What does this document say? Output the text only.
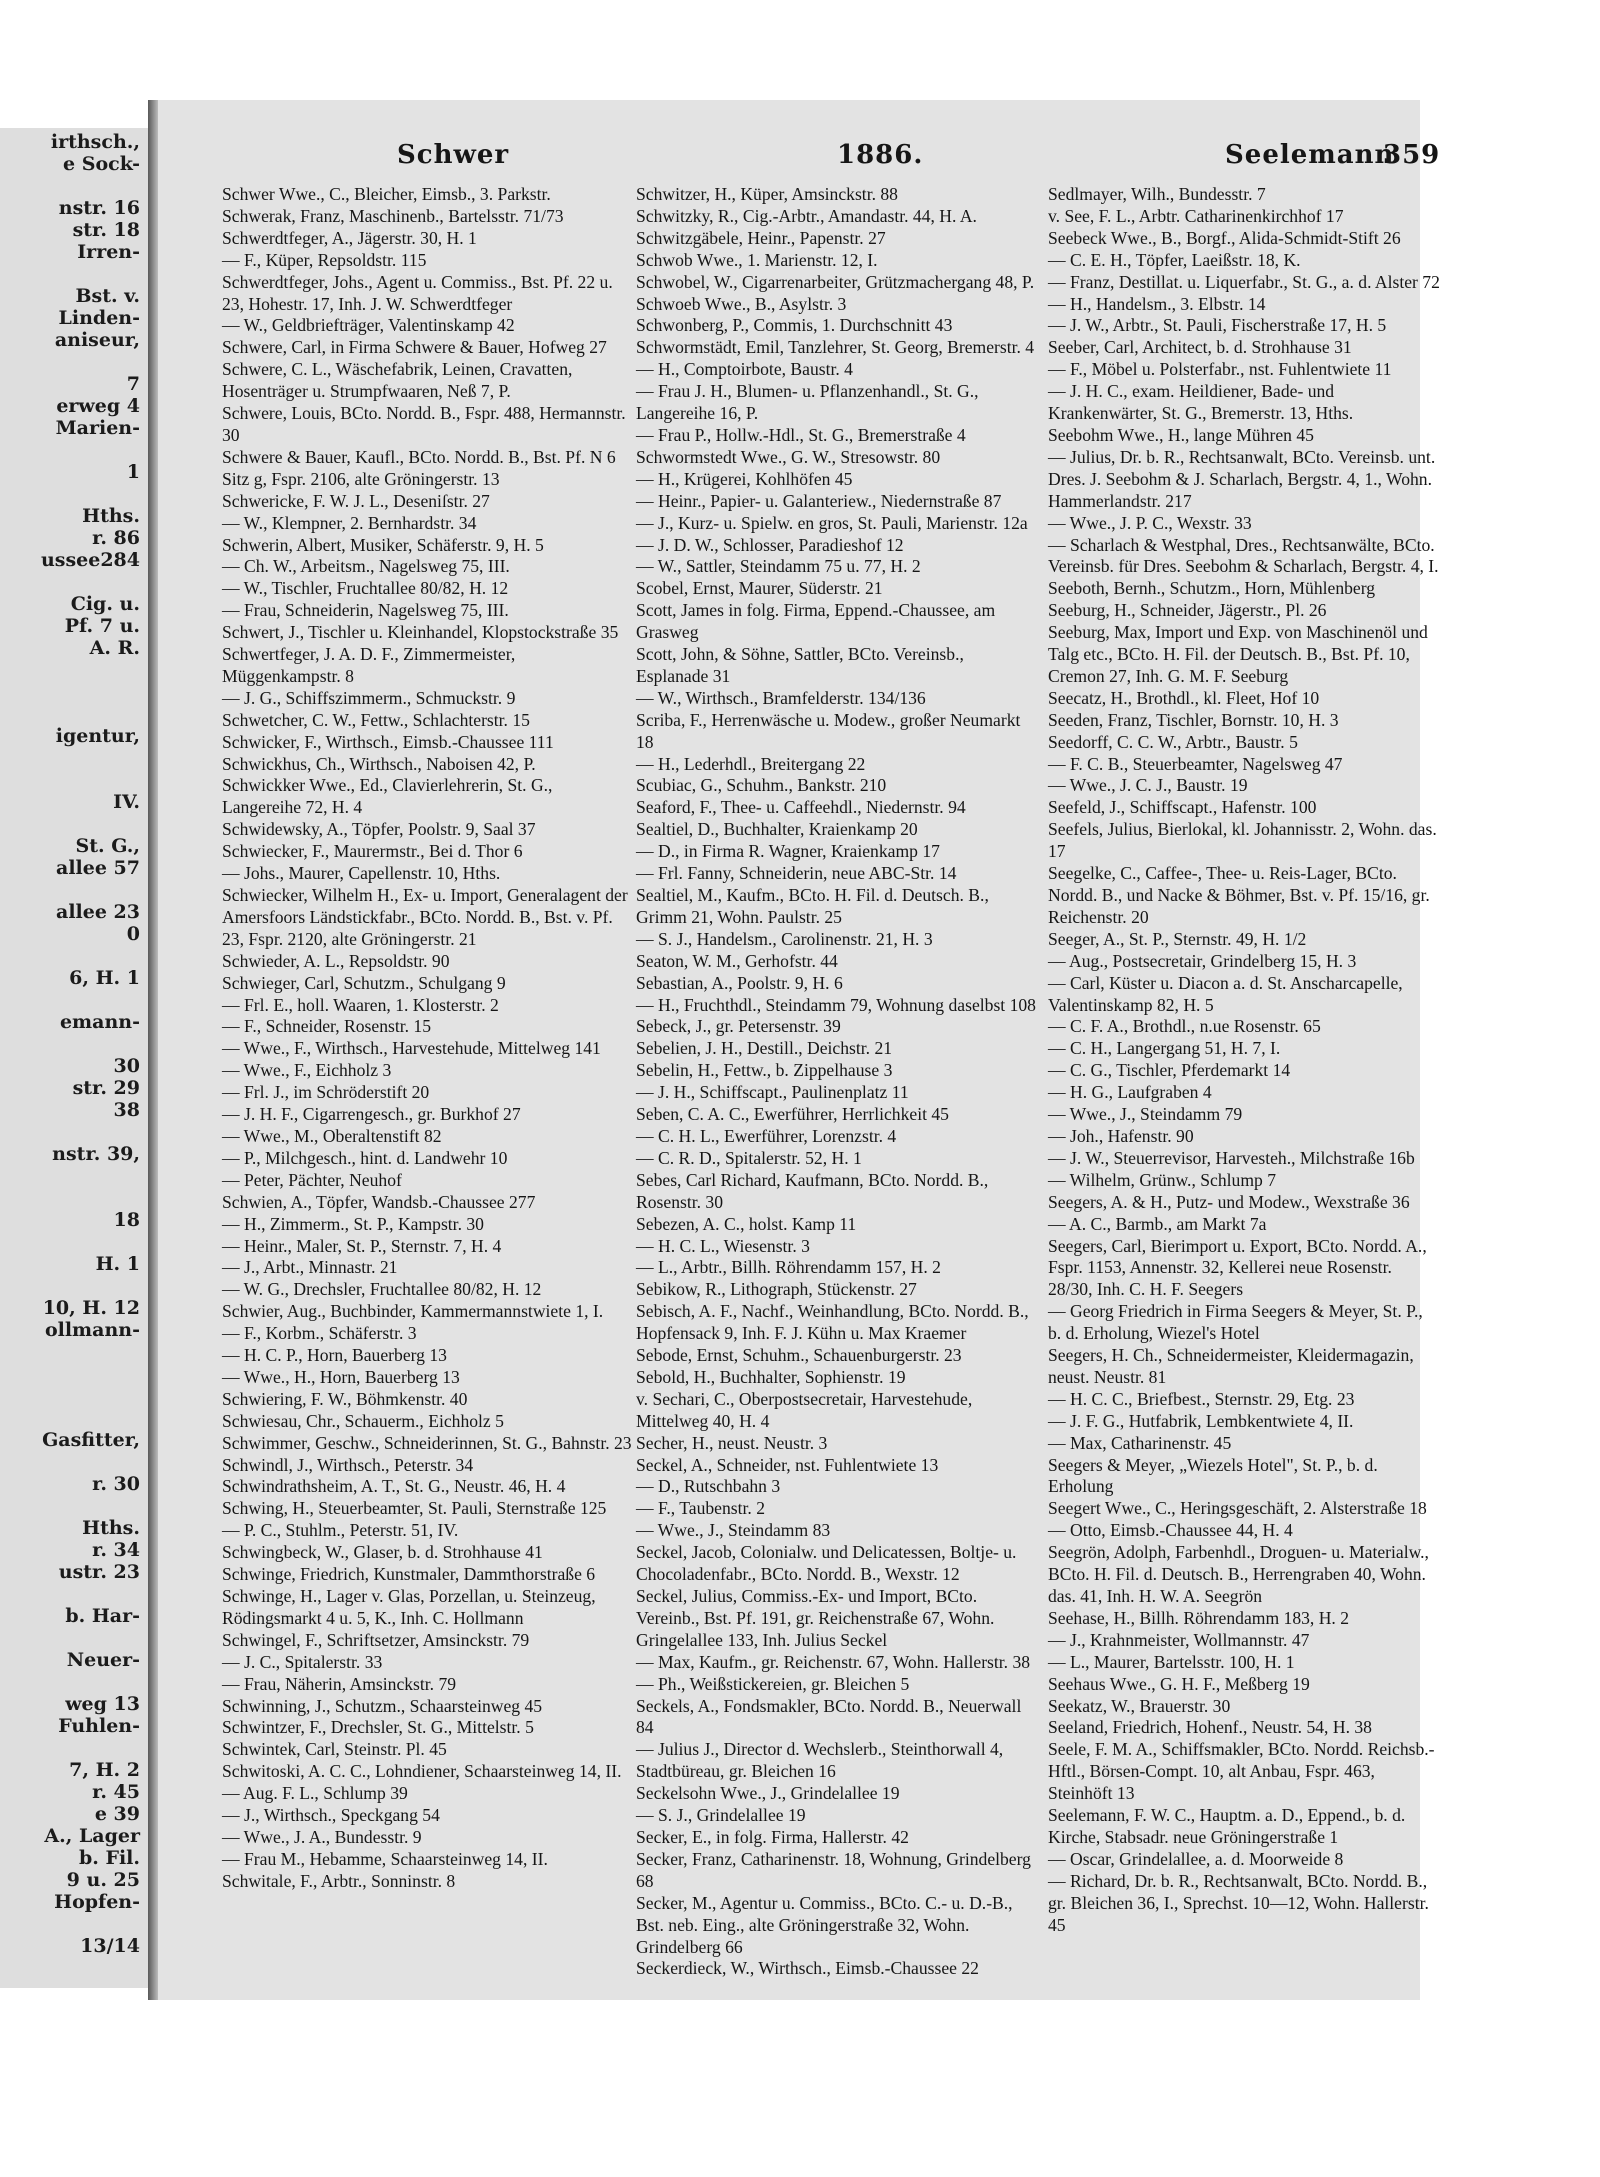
irthsch.,
e Sock-
nstr. 16
str. 18
Irren-
Bst. v.
Linden-
aniseur,
7
erweg 4
Marien-
1
Hths.
r. 86
ussee284
Cig. u.
Pf. 7 u.
A. R.
igentur,
IV.
St. G.,
allee 57
allee 23
0
6, H. 1
emann-
30
str. 29
38
nstr. 39,
18
H. 1
10, H. 12
ollmann-
Gasfitter,
r. 30
Hths.
r. 34
ustr. 23
b. Har-
Neuer-
weg 13
Fuhlen-
7, H. 2
r. 45
e 39
A., Lager
b. Fil.
9 u. 25
Hopfen-
13/14
Schwer	1886.	Seelemann
359
Schwer Wwe., C., Bleicher, Eimsb., 3. Parkstr.
Schwerak, Franz, Maschinenb., Bartelsstr. 71/73
Schwerdtfeger, A., Jägerstr. 30, H. 1
— F., Küper, Repsoldstr. 115
Schwerdtfeger, Johs., Agent u. Commiss., Bst. Pf. 22 u. 23, Hohestr. 17, Inh. J. W. Schwerdtfeger
— W., Geldbriefträger, Valentinskamp 42
Schwere, Carl, in Firma Schwere & Bauer, Hofweg 27
Schwere, C. L., Wäschefabrik, Leinen, Cravatten, Hosenträger u. Strumpfwaaren, Neß 7, P.
Schwere, Louis, BCto. Nordd. B., Fspr. 488, Hermannstr. 30
Schwere & Bauer, Kaufl., BCto. Nordd. B., Bst. Pf. N 6 Sitz g, Fspr. 2106, alte Gröningerstr. 13
Schwericke, F. W. J. L., Deseniſstr. 27
— W., Klempner, 2. Bernhardstr. 34
Schwerin, Albert, Musiker, Schäferstr. 9, H. 5
— Ch. W., Arbeitsm., Nagelsweg 75, III.
— W., Tischler, Fruchtallee 80/82, H. 12
— Frau, Schneiderin, Nagelsweg 75, III.
Schwert, J., Tischler u. Kleinhandel, Klopstockstraße 35
Schwertfeger, J. A. D. F., Zimmermeister, Müggenkampstr. 8
— J. G., Schiffszimmerm., Schmuckstr. 9
Schwetcher, C. W., Fettw., Schlachterstr. 15
Schwicker, F., Wirthsch., Eimsb.-Chaussee 111
Schwickhus, Ch., Wirthsch., Naboisen 42, P.
Schwickker Wwe., Ed., Clavierlehrerin, St. G., Langereihe 72, H. 4
Schwidewsky, A., Töpfer, Poolstr. 9, Saal 37
Schwiecker, F., Maurermstr., Bei d. Thor 6
— Johs., Maurer, Capellenstr. 10, Hths.
Schwiecker, Wilhelm H., Ex- u. Import, Generalagent der Amersfoors Ländstickfabr., BCto. Nordd. B., Bst. v. Pf. 23, Fspr. 2120, alte Gröningerstr. 21
Schwieder, A. L., Repsoldstr. 90
Schwieger, Carl, Schutzm., Schulgang 9
— Frl. E., holl. Waaren, 1. Klosterstr. 2
— F., Schneider, Rosenstr. 15
— Wwe., F., Wirthsch., Harvestehude, Mittelweg 141
— Wwe., F., Eichholz 3
— Frl. J., im Schröderstift 20
— J. H. F., Cigarrengesch., gr. Burkhof 27
— Wwe., M., Oberaltenstift 82
— P., Milchgesch., hint. d. Landwehr 10
— Peter, Pächter, Neuhof
Schwien, A., Töpfer, Wandsb.-Chaussee 277
— H., Zimmerm., St. P., Kampstr. 30
— Heinr., Maler, St. P., Sternstr. 7, H. 4
— J., Arbt., Minnastr. 21
— W. G., Drechsler, Fruchtallee 80/82, H. 12
Schwier, Aug., Buchbinder, Kammermannstwiete 1, I.
— F., Korbm., Schäferstr. 3
— H. C. P., Horn, Bauerberg 13
— Wwe., H., Horn, Bauerberg 13
Schwiering, F. W., Böhmkenstr. 40
Schwiesau, Chr., Schauerm., Eichholz 5
Schwimmer, Geschw., Schneiderinnen, St. G., Bahnstr. 23
Schwindl, J., Wirthsch., Peterstr. 34
Schwindrathsheim, A. T., St. G., Neustr. 46, H. 4
Schwing, H., Steuerbeamter, St. Pauli, Sternstraße 125
— P. C., Stuhlm., Peterstr. 51, IV.
Schwingbeck, W., Glaser, b. d. Strohhause 41
Schwinge, Friedrich, Kunstmaler, Dammthorstraße 6
Schwinge, H., Lager v. Glas, Porzellan, u. Steinzeug, Rödingsmarkt 4 u. 5, K., Inh. C. Hollmann
Schwingel, F., Schriftsetzer, Amsinckstr. 79
— J. C., Spitalerstr. 33
— Frau, Näherin, Amsinckstr. 79
Schwinning, J., Schutzm., Schaarsteinweg 45
Schwintzer, F., Drechsler, St. G., Mittelstr. 5
Schwintek, Carl, Steinstr. Pl. 45
Schwitoski, A. C. C., Lohndiener, Schaarsteinweg 14, II.
— Aug. F. L., Schlump 39
— J., Wirthsch., Speckgang 54
— Wwe., J. A., Bundesstr. 9
— Frau M., Hebamme, Schaarsteinweg 14, II.
Schwitale, F., Arbtr., Sonninstr. 8
Schwitzer, H., Küper, Amsinckstr. 88
Schwitzky, R., Cig.-Arbtr., Amandastr. 44, H. A.
Schwitzgäbele, Heinr., Papenstr. 27
Schwob Wwe., 1. Marienstr. 12, I.
Schwobel, W., Cigarrenarbeiter, Grützmachergang 48, P.
Schwoeb Wwe., B., Asylstr. 3
Schwonberg, P., Commis, 1. Durchschnitt 43
Schwormstädt, Emil, Tanzlehrer, St. Georg, Bremerstr. 4
— H., Comptoirbote, Baustr. 4
— Frau J. H., Blumen- u. Pflanzenhandl., St. G., Langereihe 16, P.
— Frau P., Hollw.-Hdl., St. G., Bremerstraße 4
Schwormstedt Wwe., G. W., Stresowstr. 80
— H., Krügerei, Kohlhöfen 45
— Heinr., Papier- u. Galanteriew., Niedernstraße 87
— J., Kurz- u. Spielw. en gros, St. Pauli, Marienstr. 12a
— J. D. W., Schlosser, Paradieshof 12
— W., Sattler, Steindamm 75 u. 77, H. 2
Scobel, Ernst, Maurer, Süderstr. 21
Scott, James in folg. Firma, Eppend.-Chaussee, am Grasweg
Scott, John, & Söhne, Sattler, BCto. Vereinsb., Esplanade 31
— W., Wirthsch., Bramfelderstr. 134/136
Scriba, F., Herrenwäsche u. Modew., großer Neumarkt 18
— H., Lederhdl., Breitergang 22
Scubiac, G., Schuhm., Bankstr. 210
Seaford, F., Thee- u. Caffeehdl., Niedernstr. 94
Sealtiel, D., Buchhalter, Kraienkamp 20
— D., in Firma R. Wagner, Kraienkamp 17
— Frl. Fanny, Schneiderin, neue ABC-Str. 14
Sealtiel, M., Kaufm., BCto. H. Fil. d. Deutsch. B., Grimm 21, Wohn. Paulstr. 25
— S. J., Handelsm., Carolinenstr. 21, H. 3
Seaton, W. M., Gerhofstr. 44
Sebastian, A., Poolstr. 9, H. 6
— H., Fruchthdl., Steindamm 79, Wohnung daselbst 108
Sebeck, J., gr. Petersenstr. 39
Sebelien, J. H., Destill., Deichstr. 21
Sebelin, H., Fettw., b. Zippelhause 3
— J. H., Schiffscapt., Paulinenplatz 11
Seben, C. A. C., Ewerführer, Herrlichkeit 45
— C. H. L., Ewerführer, Lorenzstr. 4
— C. R. D., Spitalerstr. 52, H. 1
Sebes, Carl Richard, Kaufmann, BCto. Nordd. B., Rosenstr. 30
Sebezen, A. C., holst. Kamp 11
— H. C. L., Wiesenstr. 3
— L., Arbtr., Billh. Röhrendamm 157, H. 2
Sebikow, R., Lithograph, Stückenstr. 27
Sebisch, A. F., Nachf., Weinhandlung, BCto. Nordd. B., Hopfensack 9, Inh. F. J. Kühn u. Max Kraemer
Sebode, Ernst, Schuhm., Schauenburgerstr. 23
Sebold, H., Buchhalter, Sophienstr. 19
v. Sechari, C., Oberpostsecretair, Harvestehude, Mittelweg 40, H. 4
Secher, H., neust. Neustr. 3
Seckel, A., Schneider, nst. Fuhlentwiete 13
— D., Rutschbahn 3
— F., Taubenstr. 2
— Wwe., J., Steindamm 83
Seckel, Jacob, Colonialw. und Delicatessen, Boltje- u. Chocoladenfabr., BCto. Nordd. B., Wexstr. 12
Seckel, Julius, Commiss.-Ex- und Import, BCto. Vereinb., Bst. Pf. 191, gr. Reichenstraße 67, Wohn. Gringelallee 133, Inh. Julius Seckel
— Max, Kaufm., gr. Reichenstr. 67, Wohn. Hallerstr. 38
— Ph., Weißstickereien, gr. Bleichen 5
Seckels, A., Fondsmakler, BCto. Nordd. B., Neuerwall 84
— Julius J., Director d. Wechslerb., Steinthorwall 4, Stadtbüreau, gr. Bleichen 16
Seckelsohn Wwe., J., Grindelallee 19
— S. J., Grindelallee 19
Secker, E., in folg. Firma, Hallerstr. 42
Secker, Franz, Catharinenstr. 18, Wohnung, Grindelberg 68
Secker, M., Agentur u. Commiss., BCto. C.- u. D.-B., Bst. neb. Eing., alte Gröningerstraße 32, Wohn. Grindelberg 66
Seckerdieck, W., Wirthsch., Eimsb.-Chaussee 22
Sedlmayer, Wilh., Bundesstr. 7
v. See, F. L., Arbtr. Catharinenkirchhof 17
Seebeck Wwe., B., Borgf., Alida-Schmidt-Stift 26
— C. E. H., Töpfer, Laeißstr. 18, K.
— Franz, Destillat. u. Liquerfabr., St. G., a. d. Alster 72
— H., Handelsm., 3. Elbstr. 14
— J. W., Arbtr., St. Pauli, Fischerstraße 17, H. 5
Seeber, Carl, Architect, b. d. Strohhause 31
— F., Möbel u. Polsterfabr., nst. Fuhlentwiete 11
— J. H. C., exam. Heildiener, Bade- und Krankenwärter, St. G., Bremerstr. 13, Hths.
Seebohm Wwe., H., lange Mühren 45
— Julius, Dr. b. R., Rechtsanwalt, BCto. Vereinsb. unt. Dres. J. Seebohm & J. Scharlach, Bergstr. 4, 1., Wohn. Hammerlandstr. 217
— Wwe., J. P. C., Wexstr. 33
— Scharlach & Westphal, Dres., Rechtsanwälte, BCto. Vereinsb. für Dres. Seebohm & Scharlach, Bergstr. 4, I.
Seeboth, Bernh., Schutzm., Horn, Mühlenberg
Seeburg, H., Schneider, Jägerstr., Pl. 26
Seeburg, Max, Import und Exp. von Maschinenöl und Talg etc., BCto. H. Fil. der Deutsch. B., Bst. Pf. 10, Cremon 27, Inh. G. M. F. Seeburg
Seecatz, H., Brothdl., kl. Fleet, Hof 10
Seeden, Franz, Tischler, Bornstr. 10, H. 3
Seedorff, C. C. W., Arbtr., Baustr. 5
— F. C. B., Steuerbeamter, Nagelsweg 47
— Wwe., J. C. J., Baustr. 19
Seefeld, J., Schiffscapt., Hafenstr. 100
Seefels, Julius, Bierlokal, kl. Johannisstr. 2, Wohn. das. 17
Seegelke, C., Caffee-, Thee- u. Reis-Lager, BCto. Nordd. B., und Nacke & Böhmer, Bst. v. Pf. 15/16, gr. Reichenstr. 20
Seeger, A., St. P., Sternstr. 49, H. 1/2
— Aug., Postsecretair, Grindelberg 15, H. 3
— Carl, Küster u. Diacon a. d. St. Anscharcapelle, Valentinskamp 82, H. 5
— C. F. A., Brothdl., n.ue Rosenstr. 65
— C. H., Langergang 51, H. 7, I.
— C. G., Tischler, Pferdemarkt 14
— H. G., Laufgraben 4
— Wwe., J., Steindamm 79
— Joh., Hafenstr. 90
— J. W., Steuerrevisor, Harvesteh., Milchstraße 16b
— Wilhelm, Grünw., Schlump 7
Seegers, A. & H., Putz- und Modew., Wexstraße 36
— A. C., Barmb., am Markt 7a
Seegers, Carl, Bierimport u. Export, BCto. Nordd. A., Fspr. 1153, Annenstr. 32, Kellerei neue Rosenstr. 28/30, Inh. C. H. F. Seegers
— Georg Friedrich in Firma Seegers & Meyer, St. P., b. d. Erholung, Wiezel's Hotel
Seegers, H. Ch., Schneidermeister, Kleidermagazin, neust. Neustr. 81
— H. C. C., Briefbest., Sternstr. 29, Etg. 23
— J. F. G., Hutfabrik, Lembkentwiete 4, II.
— Max, Catharinenstr. 45
Seegers & Meyer, „Wiezels Hotel", St. P., b. d. Erholung
Seegert Wwe., C., Heringsgeschäft, 2. Alsterstraße 18
— Otto, Eimsb.-Chaussee 44, H. 4
Seegrön, Adolph, Farbenhdl., Droguen- u. Materialw., BCto. H. Fil. d. Deutsch. B., Herrengraben 40, Wohn. das. 41, Inh. H. W. A. Seegrön
Seehase, H., Billh. Röhrendamm 183, H. 2
— J., Krahnmeister, Wollmannstr. 47
— L., Maurer, Bartelsstr. 100, H. 1
Seehaus Wwe., G. H. F., Meßberg 19
Seekatz, W., Brauerstr. 30
Seeland, Friedrich, Hohenf., Neustr. 54, H. 38
Seele, F. M. A., Schiffsmakler, BCto. Nordd. Reichsb.-Hftl., Börsen-Compt. 10, alt Anbau, Fspr. 463, Steinhöft 13
Seelemann, F. W. C., Hauptm. a. D., Eppend., b. d. Kirche, Stabsadr. neue Gröningerstraße 1
— Oscar, Grindelallee, a. d. Moorweide 8
— Richard, Dr. b. R., Rechtsanwalt, BCto. Nordd. B., gr. Bleichen 36, I., Sprechst. 10—12, Wohn. Hallerstr. 45
